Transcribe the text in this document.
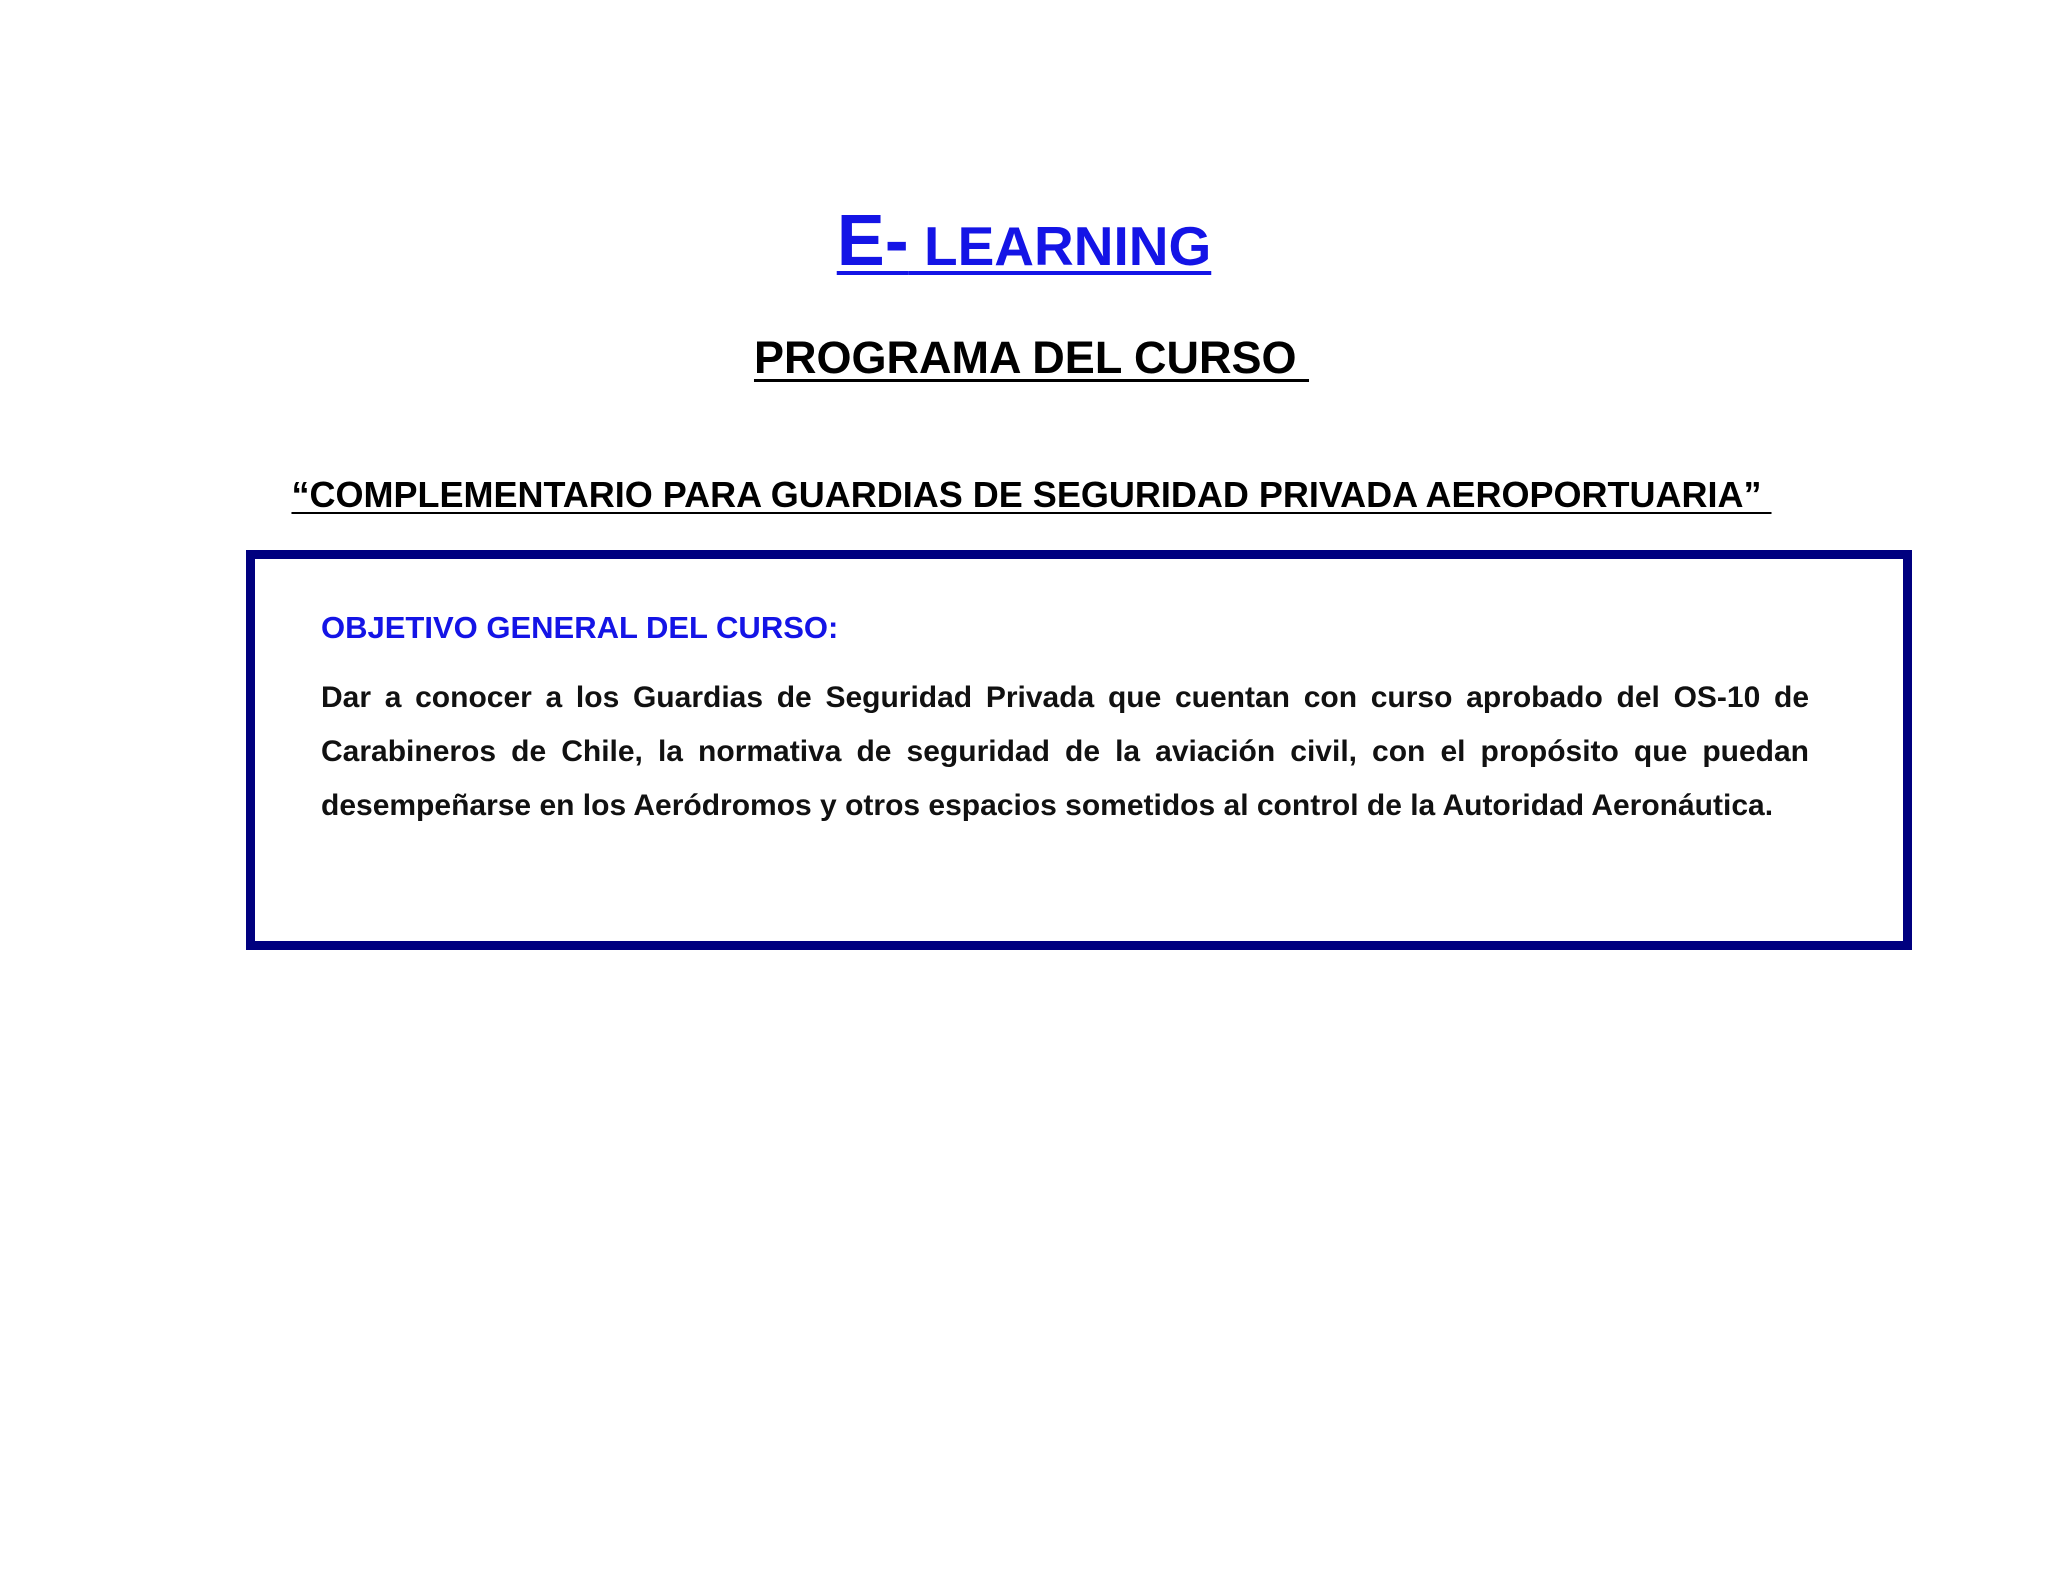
E- LEARNING
PROGRAMA DEL CURSO
“COMPLEMENTARIO PARA GUARDIAS DE SEGURIDAD PRIVADA AEROPORTUARIA”
OBJETIVO GENERAL DEL CURSO:
Dar a conocer a los Guardias de Seguridad Privada que cuentan con curso aprobado del OS-10 de Carabineros de Chile, la normativa de seguridad de la aviación civil, con el propósito que puedan desempeñarse en los Aeródromos y otros espacios sometidos al control de la Autoridad Aeronáutica.
